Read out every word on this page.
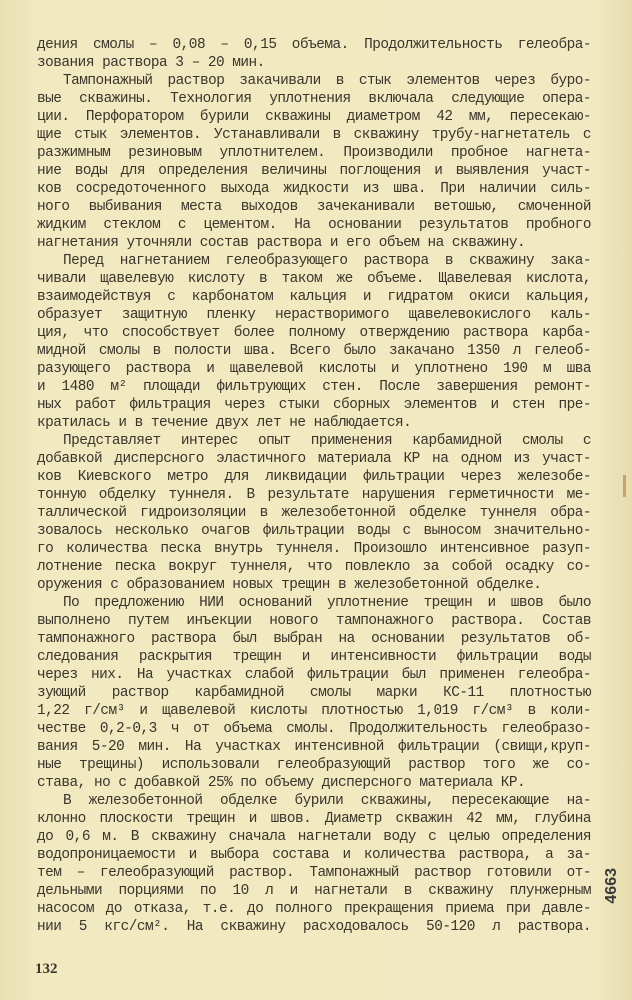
дения смолы – 0,08 – 0,15 объема. Продолжительность гелеобра-
зования раствора 3 – 20 мин.
Тампонажный раствор закачивали в стык элементов через буро-
вые скважины. Технология уплотнения включала следующие опера-
ции. Перфоратором бурили скважины диаметром 42 мм, пересекаю-
щие стык элементов. Устанавливали в скважину трубу-нагнетатель с
разжимным резиновым уплотнителем. Производили пробное нагнета-
ние воды для определения величины поглощения и выявления участ-
ков сосредоточенного выхода жидкости из шва. При наличии силь-
ного выбивания места выходов зачеканивали ветошью, смоченной
жидким стеклом с цементом. На основании результатов пробного
нагнетания уточняли состав раствора и его объем на скважину.
Перед нагнетанием гелеобразующего раствора в скважину зака-
чивали щавелевую кислоту в таком же объеме. Щавелевая кислота,
взаимодействуя с карбонатом кальция и гидратом окиси кальция,
образует защитную пленку нерастворимого щавелевокислого каль-
ция, что способствует более полному отверждению раствора карба-
мидной смолы в полости шва. Всего было закачано 1350 л гелеоб-
разующего раствора и щавелевой кислоты и уплотнено 190 м шва
и 1480 м² площади фильтрующих стен. После завершения ремонт-
ных работ фильтрация через стыки сборных элементов и стен пре-
кратилась и в течение двух лет не наблюдается.
Представляет интерес опыт применения карбамидной смолы с
добавкой дисперсного эластичного материала КР на одном из участ-
ков Киевского метро для ликвидации фильтрации через железобе-
тонную обделку туннеля. В результате нарушения герметичности ме-
таллической гидроизоляции в железобетонной обделке туннеля обра-
зовалось несколько очагов фильтрации воды с выносом значительно-
го количества песка внутрь туннеля. Произошло интенсивное разуп-
лотнение песка вокруг туннеля, что повлекло за собой осадку со-
оружения с образованием новых трещин в железобетонной обделке.
По предложению НИИ оснований уплотнение трещин и швов было
выполнено путем инъекции нового тампонажного раствора. Состав
тампонажного раствора был выбран на основании результатов об-
следования раскрытия трещин и интенсивности фильтрации воды
через них. На участках слабой фильтрации был применен гелеобра-
зующий раствор карбамидной смолы марки КС-11 плотностью
1,22 г/см³ и щавелевой кислоты плотностью 1,019 г/см³ в коли-
честве 0,2-0,3 ч от объема смолы. Продолжительность гелеобразо-
вания 5-20 мин. На участках интенсивной фильтрации (свищи,круп-
ные трещины) использовали гелеобразующий раствор того же со-
става, но с добавкой 25% по объему дисперсного материала КР.
В железобетонной обделке бурили скважины, пересекающие на-
клонно плоскости трещин и швов. Диаметр скважин 42 мм, глубина
до 0,6 м. В скважину сначала нагнетали воду с целью определения
водопроницаемости и выбора состава и количества раствора, а за-
тем – гелеобразующий раствор. Тампонажный раствор готовили от-
дельными порциями по 10 л и нагнетали в скважину плунжерным
насосом до отказа, т.е. до полного прекращения приема при давле-
нии 5 кгс/см². На скважину расходовалось 50-120 л раствора.
4663
132
